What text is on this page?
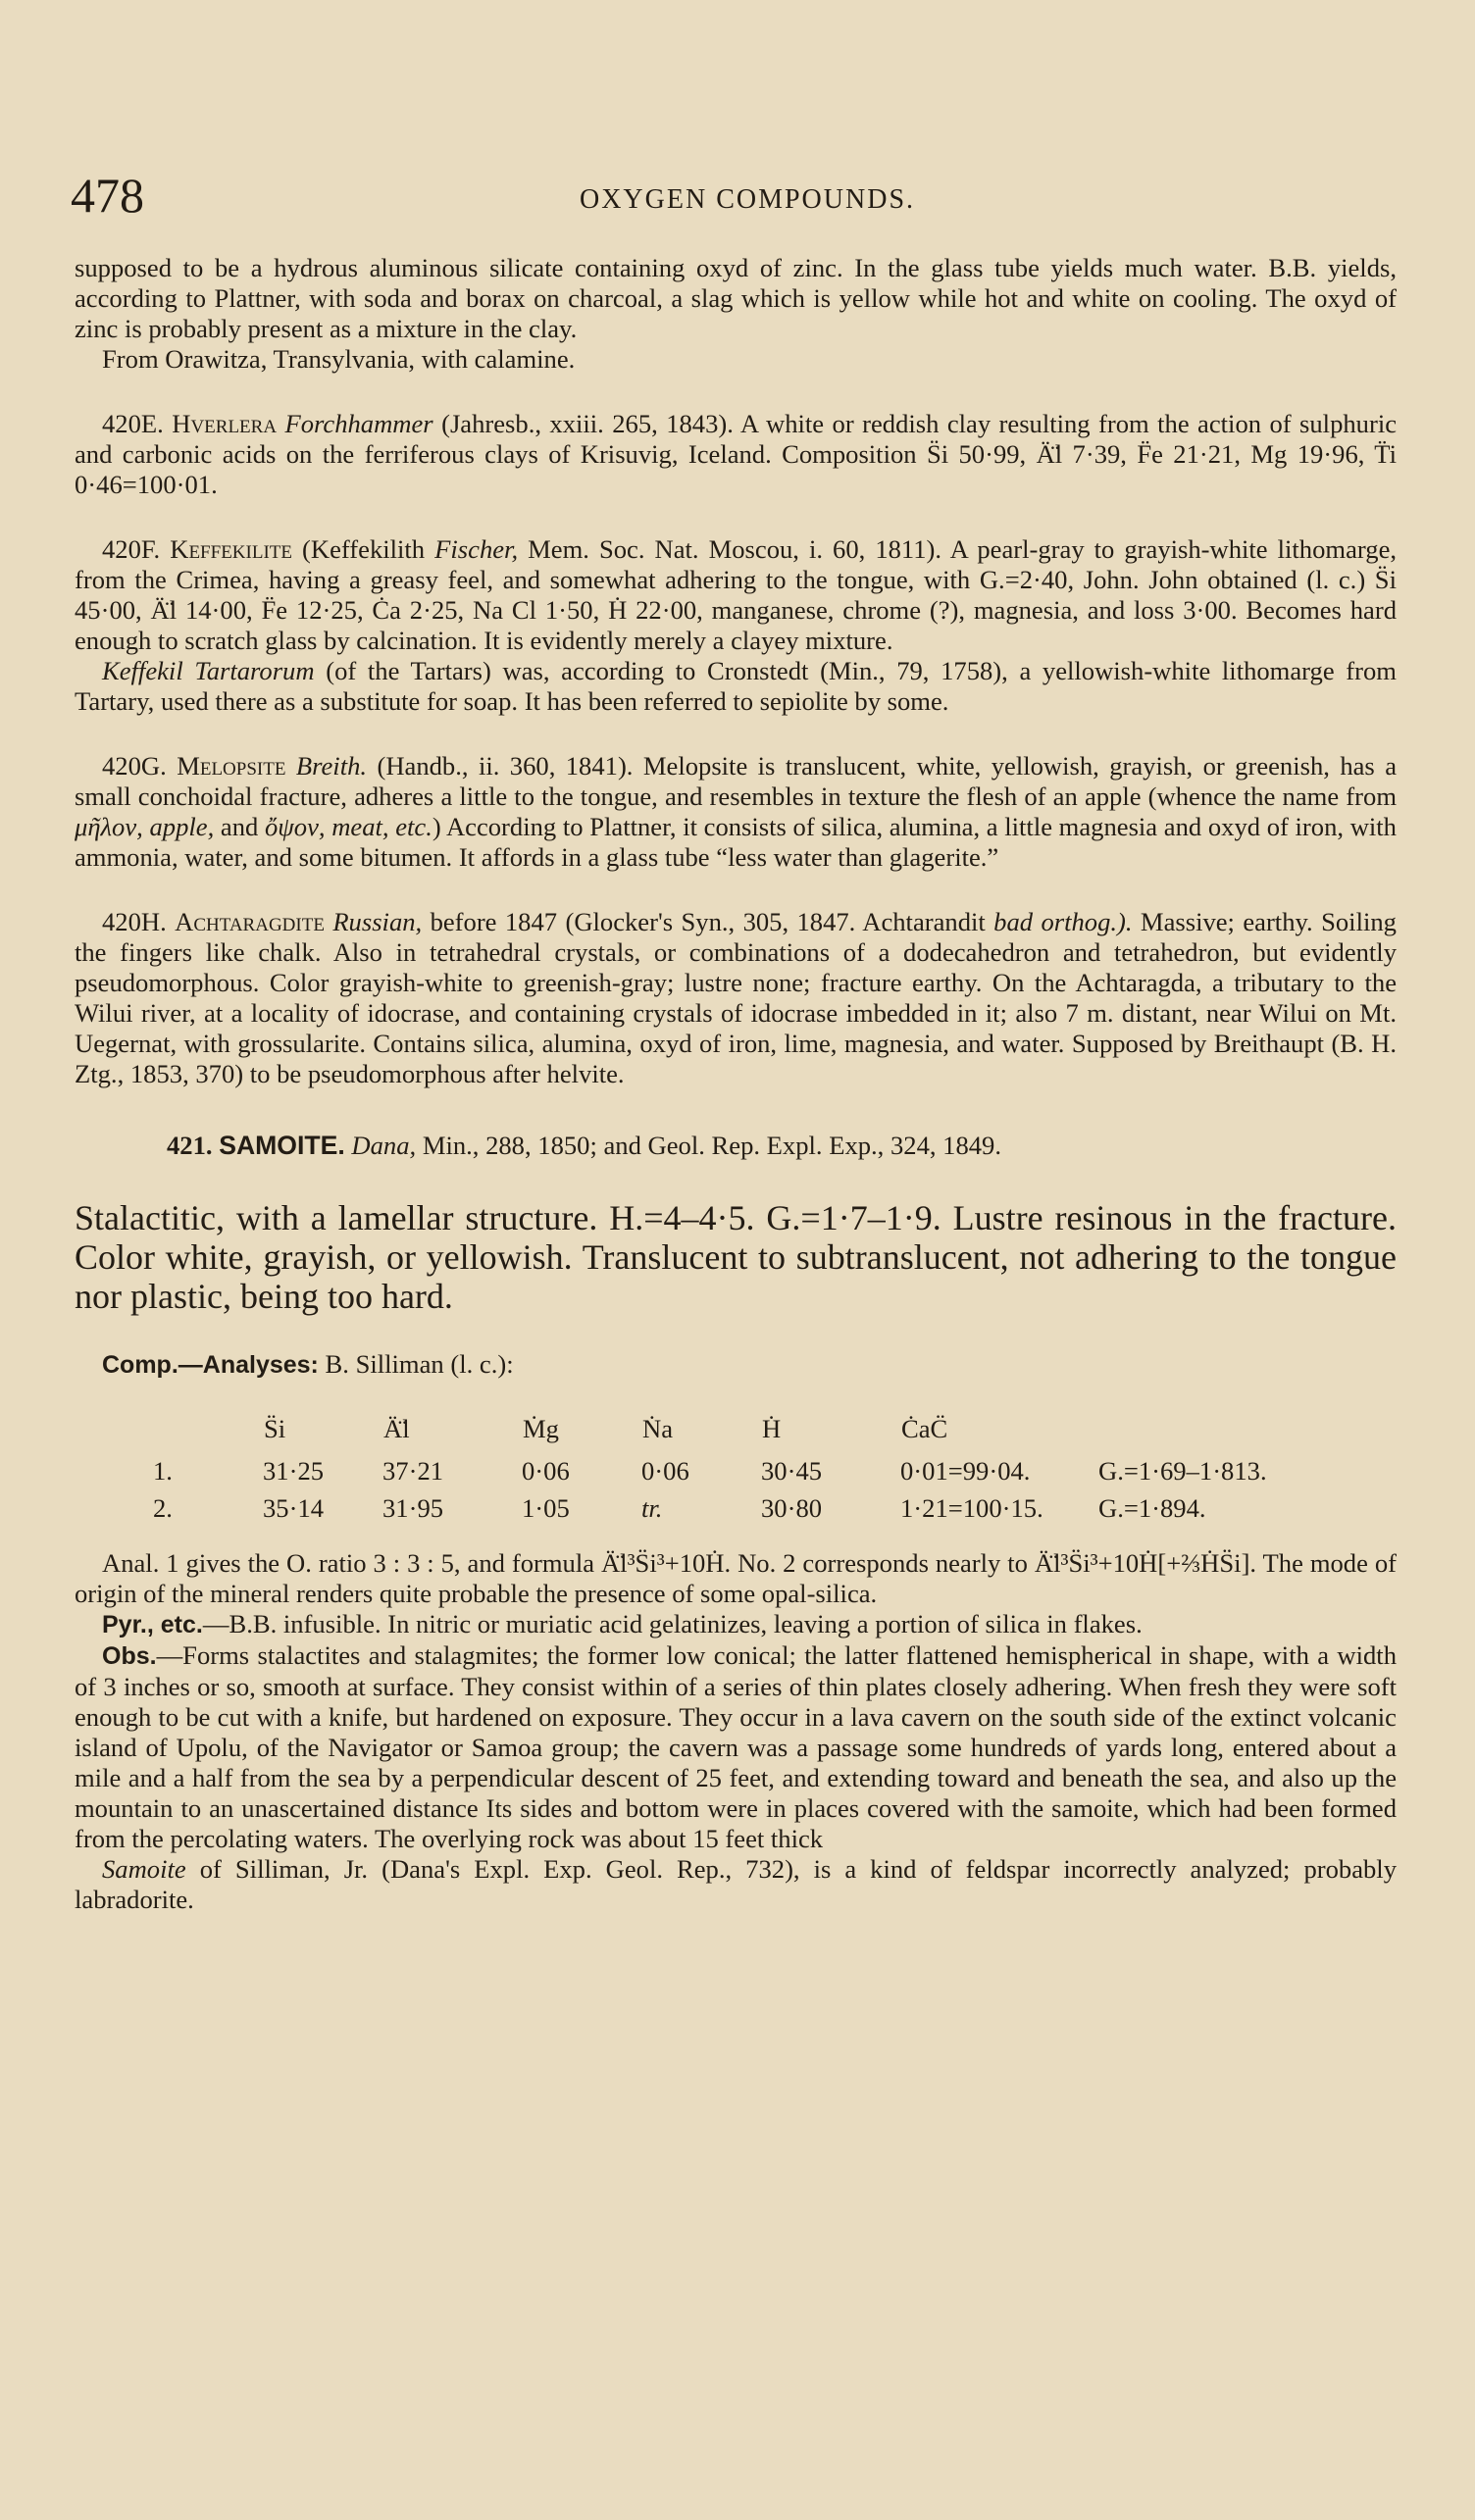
478	OXYGEN COMPOUNDS.

supposed to be a hydrous aluminous silicate containing oxyd of zinc. In the glass tube yields much water. B.B. yields, according to Plattner, with soda and borax on charcoal, a slag which is yellow while hot and white on cooling. The oxyd of zinc is probably present as a mixture in the clay.

From Orawitza, Transylvania, with calamine.

420E. Hverlera Forchhammer (Jahresb., xxiii. 265, 1843). A white or reddish clay resulting from the action of sulphuric and carbonic acids on the ferriferous clays of Krisuvig, Iceland. Composition S̈i 50·99, Ä̈l 7·39, F̈e 21·21, Mg 19·96, T̈i 0·46=100·01.

420F. Keffekilite (Keffekilith Fischer, Mem. Soc. Nat. Moscou, i. 60, 1811). A pearl-gray to grayish-white lithomarge, from the Crimea, having a greasy feel, and somewhat adhering to the tongue, with G.=2·40, John. John obtained (l. c.) S̈i 45·00, Ä̈l 14·00, F̈e 12·25, Ċa 2·25, Na Cl 1·50, Ḣ 22·00, manganese, chrome (?), magnesia, and loss 3·00. Becomes hard enough to scratch glass by calcination. It is evidently merely a clayey mixture.

Keffekil Tartarorum (of the Tartars) was, according to Cronstedt (Min., 79, 1758), a yellowish-white lithomarge from Tartary, used there as a substitute for soap. It has been referred to sepiolite by some.

420G. Melopsite Breith. (Handb., ii. 360, 1841). Melopsite is translucent, white, yellowish, grayish, or greenish, has a small conchoidal fracture, adheres a little to the tongue, and resembles in texture the flesh of an apple (whence the name from μῆλον, apple, and ὄψον, meat, etc.) According to Plattner, it consists of silica, alumina, a little magnesia and oxyd of iron, with ammonia, water, and some bitumen. It affords in a glass tube “less water than glagerite.”

420H. Achtaragdite Russian, before 1847 (Glocker's Syn., 305, 1847. Achtarandit bad orthog.). Massive; earthy. Soiling the fingers like chalk. Also in tetrahedral crystals, or combinations of a dodecahedron and tetrahedron, but evidently pseudomorphous. Color grayish-white to greenish-gray; lustre none; fracture earthy. On the Achtaragda, a tributary to the Wilui river, at a locality of idocrase, and containing crystals of idocrase imbedded in it; also 7 m. distant, near Wilui on Mt. Uegernat, with grossularite. Contains silica, alumina, oxyd of iron, lime, magnesia, and water. Supposed by Breithaupt (B. H. Ztg., 1853, 370) to be pseudomorphous after helvite.

421. SAMOITE. Dana, Min., 288, 1850; and Geol. Rep. Expl. Exp., 324, 1849.

Stalactitic, with a lamellar structure. H.=4–4·5. G.=1·7–1·9. Lustre resinous in the fracture. Color white, grayish, or yellowish. Translucent to subtranslucent, not adhering to the tongue nor plastic, being too hard.

Comp.—Analyses: B. Silliman (l. c.):

	S̈i	Ä̈l	Ṁg	Ṅa	Ḣ	ĊaC̈	
1.	31·25	37·21	0·06	0·06	30·45	0·01=99·04.	G.=1·69–1·813.
2.	35·14	31·95	1·05	tr.	30·80	1·21=100·15.	G.=1·894.

Anal. 1 gives the O. ratio 3 : 3 : 5, and formula Ä̈l³S̈i³+10Ḣ. No. 2 corresponds nearly to Ä̈l³S̈i³+10Ḣ[+⅔ḢS̈i]. The mode of origin of the mineral renders quite probable the presence of some opal-silica.

Pyr., etc.—B.B. infusible. In nitric or muriatic acid gelatinizes, leaving a portion of silica in flakes.

Obs.—Forms stalactites and stalagmites; the former low conical; the latter flattened hemispherical in shape, with a width of 3 inches or so, smooth at surface. They consist within of a series of thin plates closely adhering. When fresh they were soft enough to be cut with a knife, but hardened on exposure. They occur in a lava cavern on the south side of the extinct volcanic island of Upolu, of the Navigator or Samoa group; the cavern was a passage some hundreds of yards long, entered about a mile and a half from the sea by a perpendicular descent of 25 feet, and extending toward and beneath the sea, and also up the mountain to an unascertained distance Its sides and bottom were in places covered with the samoite, which had been formed from the percolating waters. The overlying rock was about 15 feet thick

Samoite of Silliman, Jr. (Dana's Expl. Exp. Geol. Rep., 732), is a kind of feldspar incorrectly analyzed; probably labradorite.
